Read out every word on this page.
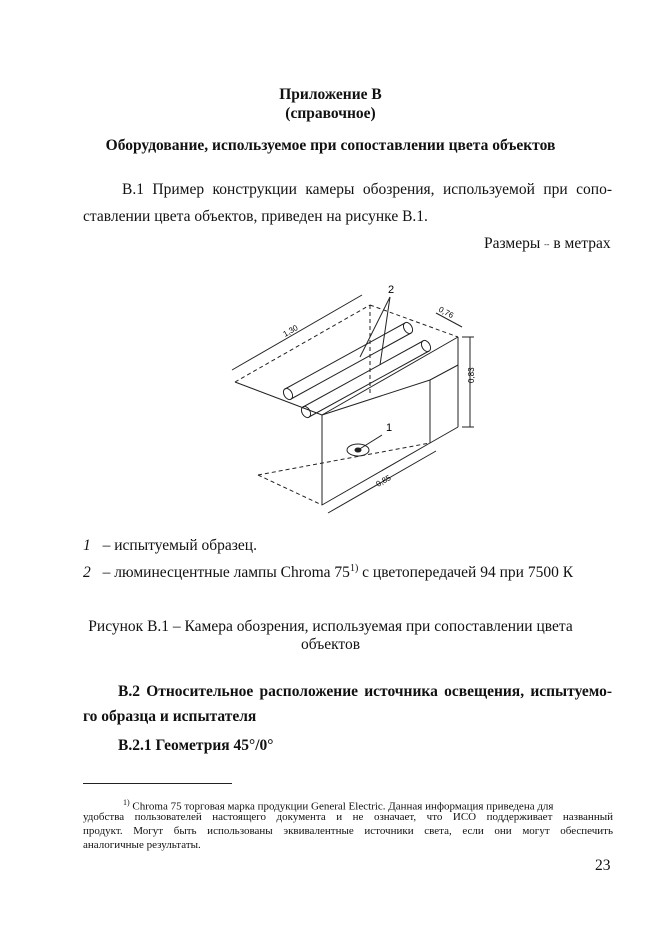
Приложение В
(справочное)
Оборудование, используемое при сопоставлении цвета объектов
В.1 Пример конструкции камеры обозрения, используемой при сопо-
ставлении цвета объектов, приведен на рисунке В.1.
Размеры -- в метрах
1,30
0,76
0,83
0,85
1
2
1 – испытуемый образец.
2 – люминесцентные лампы Chroma 75$^{1)}$ с цветопередачей 94 при 7500 К
Рисунок В.1 – Камера обозрения, используемая при сопоставлении цвета
объектов
В.2 Относительное расположение источника освещения, испытуемо-
го образца и испытателя
В.2.1 Геометрия 45°/0°
$^{1)}$ Chroma 75 торговая марка продукции General Electric. Данная информация приведена для
удобства пользователей настоящего документа и не означает, что ИСО поддерживает названный
продукт. Могут быть использованы эквивалентные источники света, если они могут обеспечить
аналогичные результаты.
23
